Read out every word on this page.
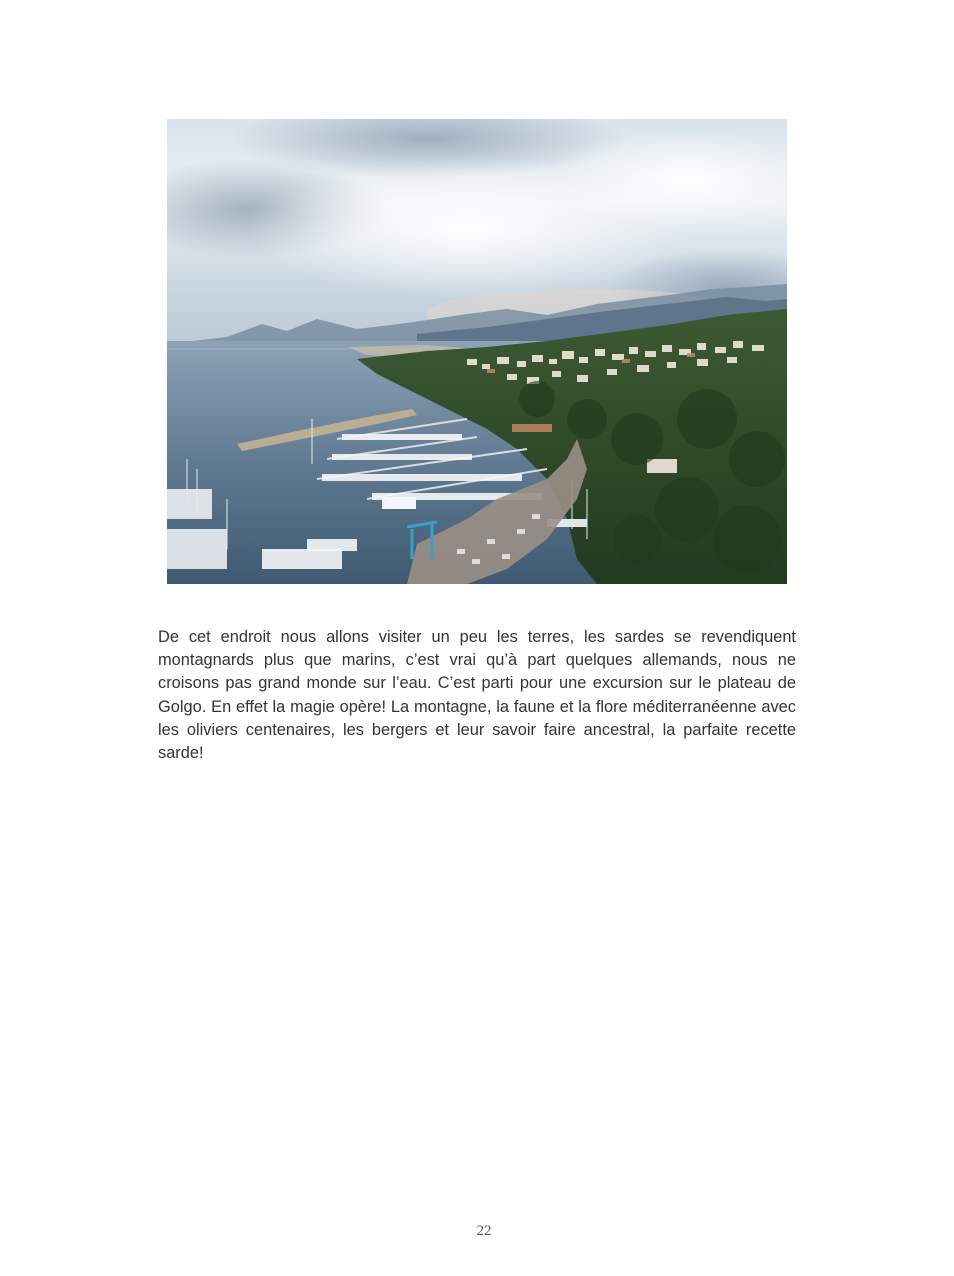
De cet endroit nous allons visiter un peu les terres, les sardes se revendiquent montagnards plus que marins, c’est vrai qu’à part quelques allemands, nous ne croisons pas grand monde sur l’eau. C’est parti pour une excursion sur le plateau de Golgo. En effet la magie opère! La montagne, la faune et la flore méditerranéenne avec les oliviers centenaires, les bergers et leur savoir faire ancestral, la parfaite recette sarde!

22
